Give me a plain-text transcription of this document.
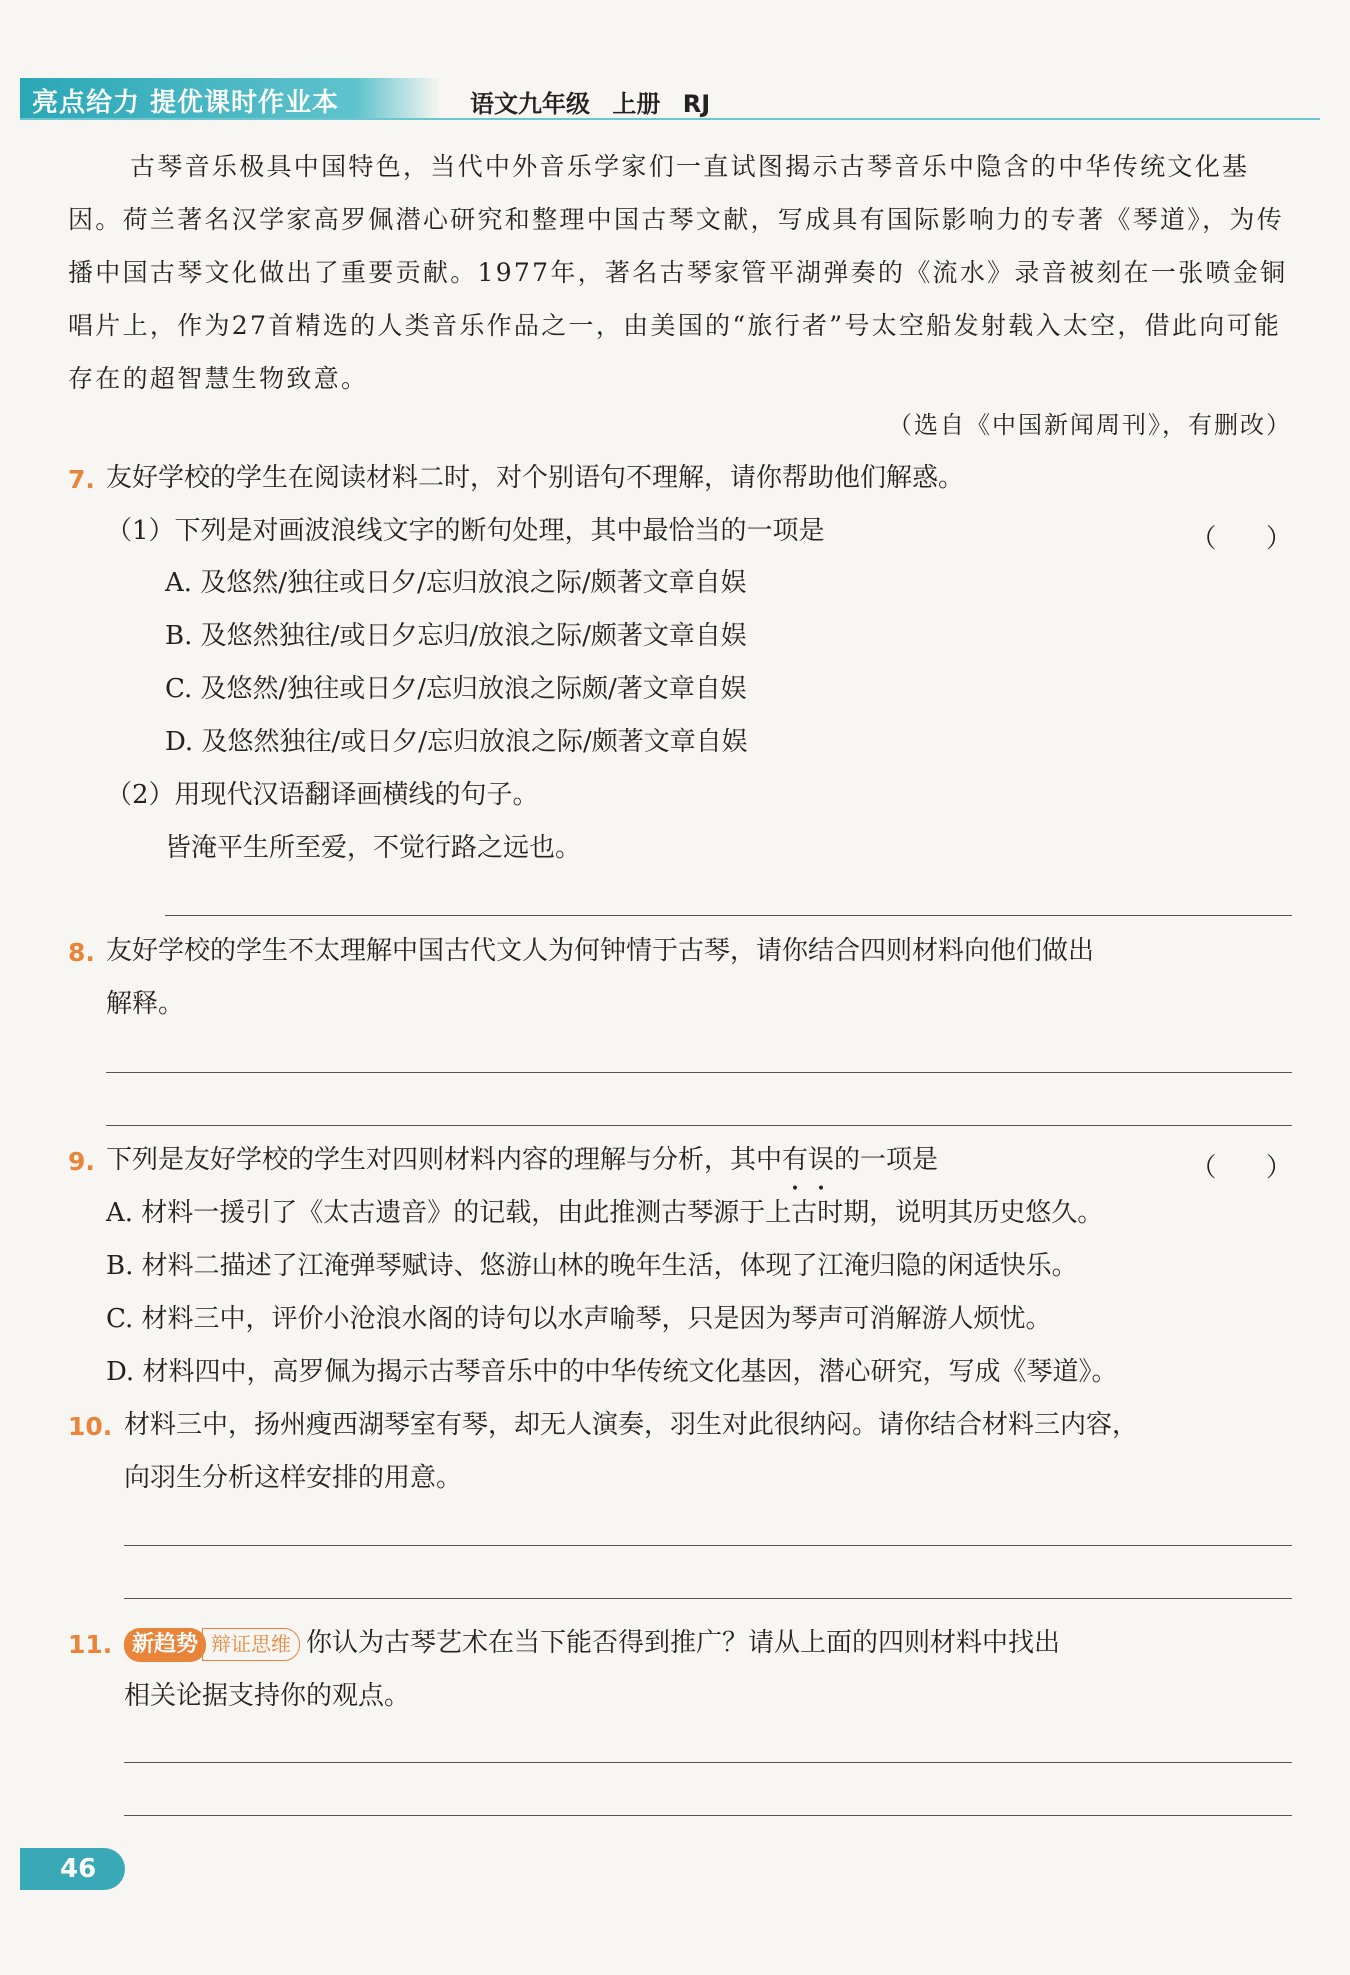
亮点给力 提优课时作业本	语文九年级 上册 RJ
古琴音乐极具中国特色，当代中外音乐学家们一直试图揭示古琴音乐中隐含的中华传统文化基因。荷兰著名汉学家高罗佩潜心研究和整理中国古琴文献，写成具有国际影响力的专著《琴道》，为传播中国古琴文化做出了重要贡献。1977年，著名古琴家管平湖弹奏的《流水》录音被刻在一张喷金铜唱片上，作为27首精选的人类音乐作品之一，由美国的“旅行者”号太空船发射载入太空，借此向可能存在的超智慧生物致意。
（选自《中国新闻周刊》，有删改）
7. 友好学校的学生在阅读材料二时，对个别语句不理解，请你帮助他们解惑。
（1）下列是对画波浪线文字的断句处理，其中最恰当的一项是	（      ）
A. 及悠然/独往或日夕/忘归放浪之际/颇著文章自娱
B. 及悠然独往/或日夕忘归/放浪之际/颇著文章自娱
C. 及悠然/独往或日夕/忘归放浪之际颇/著文章自娱
D. 及悠然独往/或日夕/忘归放浪之际/颇著文章自娱
（2）用现代汉语翻译画横线的句子。
皆淹平生所至爱，不觉行路之远也。
8. 友好学校的学生不太理解中国古代文人为何钟情于古琴，请你结合四则材料向他们做出
解释。
9. 下列是友好学校的学生对四则材料内容的理解与分析，其中有误的一项是	（      ）
A. 材料一援引了《太古遗音》的记载，由此推测古琴源于上古时期，说明其历史悠久。
B. 材料二描述了江淹弹琴赋诗、悠游山林的晚年生活，体现了江淹归隐的闲适快乐。
C. 材料三中，评价小沧浪水阁的诗句以水声喻琴，只是因为琴声可消解游人烦忧。
D. 材料四中，高罗佩为揭示古琴音乐中的中华传统文化基因，潜心研究，写成《琴道》。
10. 材料三中，扬州瘦西湖琴室有琴，却无人演奏，羽生对此很纳闷。请你结合材料三内容，
向羽生分析这样安排的用意。
11. 新趋势 辩证思维 你认为古琴艺术在当下能否得到推广？请从上面的四则材料中找出
相关论据支持你的观点。
46
